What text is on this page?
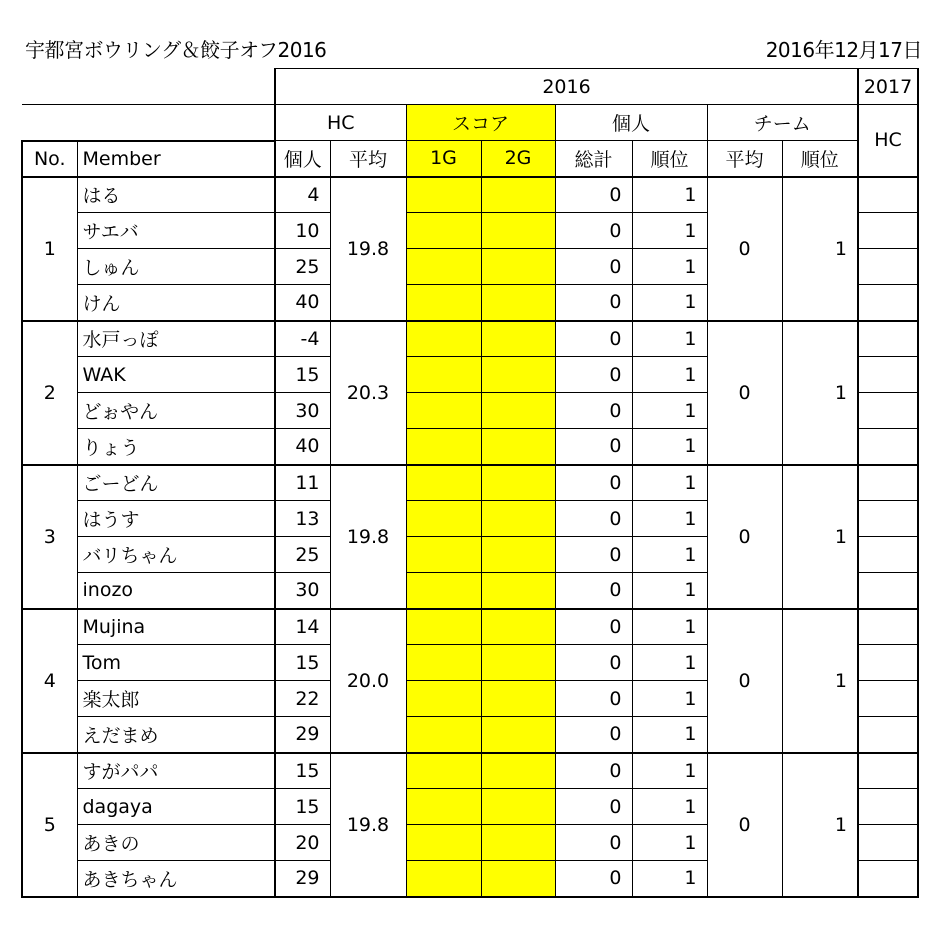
宇都宮ボウリング＆餃子オフ2016	2016年12月17日
		2016								2017
		HC		スコア		個人		チーム		HC
No.	Member	個人	平均	1G	2G	総計	順位	平均	順位	
1	はる	4	19.8			0	1	0	1	
	サエバ	10				0	1			
	しゅん	25				0	1			
	けん	40				0	1			
2	水戸っぽ	-4	20.3			0	1	0	1	
	WAK	15				0	1			
	どぉやん	30				0	1			
	りょう	40				0	1			
3	ごーどん	11	19.8			0	1	0	1	
	はうす	13				0	1			
	バリちゃん	25				0	1			
	inozo	30				0	1			
4	Mujina	14	20.0			0	1	0	1	
	Tom	15				0	1			
	楽太郎	22				0	1			
	えだまめ	29				0	1			
5	すがパパ	15	19.8			0	1	0	1	
	dagaya	15				0	1			
	あきの	20				0	1			
	あきちゃん	29				0	1			
